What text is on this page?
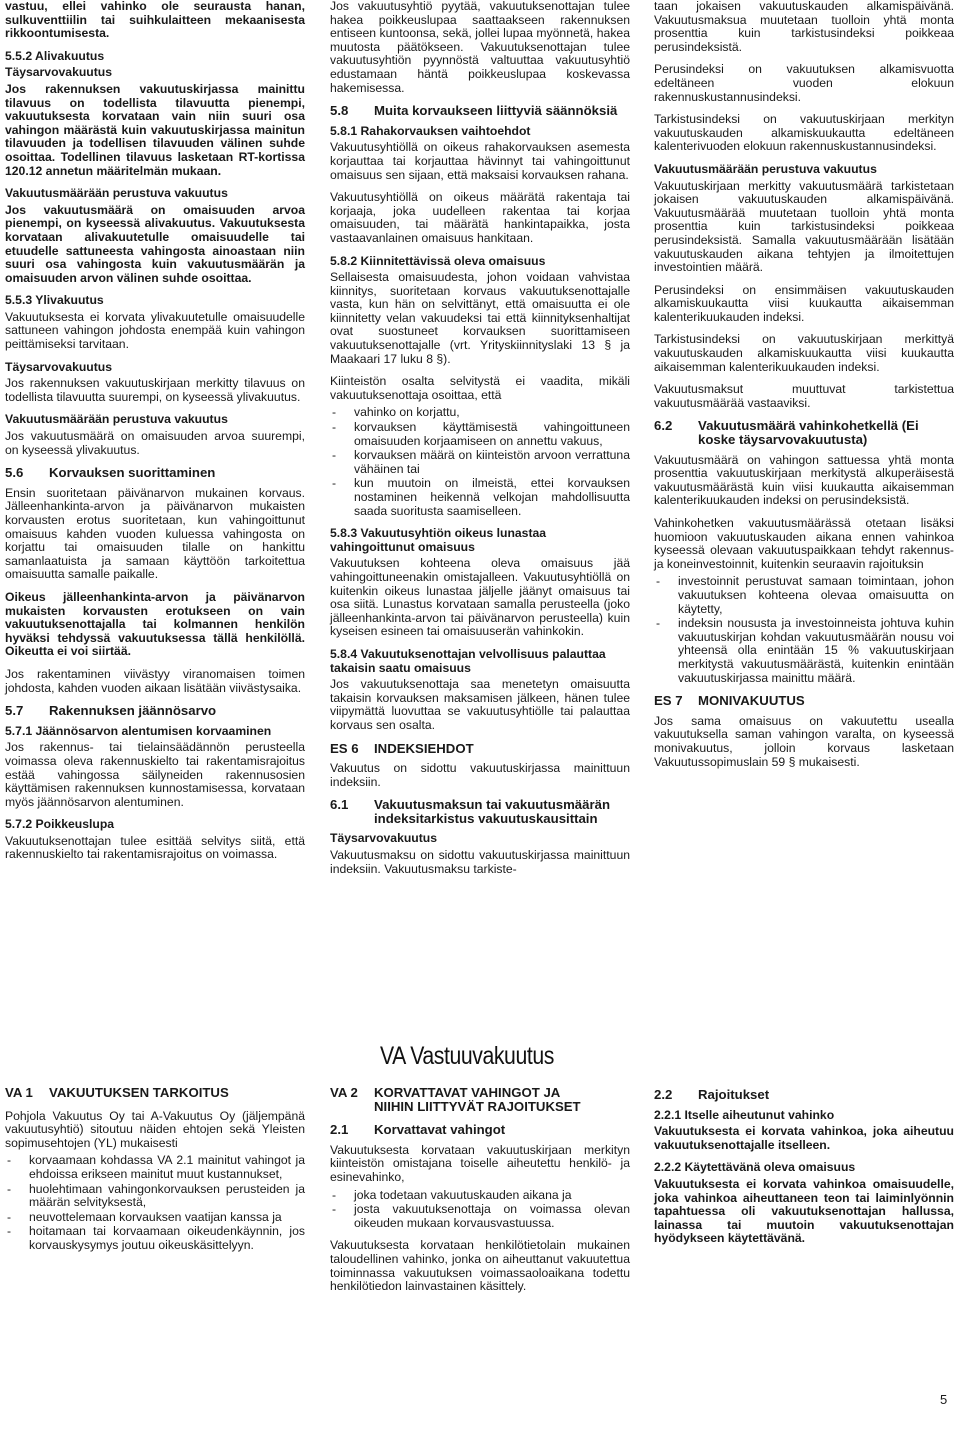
vastuu, ellei vahinko ole seurausta hanan, sulkuventtiilin tai suihkulaitteen mekaanisesta rikkoontumisesta.

5.5.2 Alivakuutus
Täysarvovakuutus

Jos rakennuksen vakuutuskirjassa mainittu tilavuus on todellista tilavuutta pienempi, vakuutuksesta korvataan vain niin suuri osa vahingon määrästä kuin vakuutuskirjassa mainitun tilavuuden ja todellisen tilavuuden välinen suhde osoittaa. Todellinen tilavuus lasketaan RT-kortissa 120.12 annetun määritelmän mukaan.

Vakuutusmäärään perustuva vakuutus

Jos vakuutusmäärä on omaisuuden arvoa pienempi, on kyseessä alivakuutus. Vakuutuksesta korvataan alivakuutetulle omaisuudelle tai etuudelle sattuneesta vahingosta ainoastaan niin suuri osa vahingosta kuin vakuutusmäärän ja omaisuuden arvon välinen suhde osoittaa.

5.5.3 Ylivakuutus

Vakuutuksesta ei korvata ylivakuutetulle omaisuudelle sattuneen vahingon johdosta enempää kuin vahingon peittämiseksi tarvitaan.

Täysarvovakuutus

Jos rakennuksen vakuutuskirjaan merkitty tilavuus on todellista tilavuutta suurempi, on kyseessä ylivakuutus.

Vakuutusmäärään perustuva vakuutus

Jos vakuutusmäärä on omaisuuden arvoa suurempi, on kyseessä ylivakuutus.

5.6	Korvauksen suorittaminen

Ensin suoritetaan päivänarvon mukainen korvaus. Jälleenhankinta-arvon ja päivänarvon mukaisten korvausten erotus suoritetaan, kun vahingoittunut omaisuus kahden vuoden kuluessa vahingosta on korjattu tai omaisuuden tilalle on hankittu samanlaatuista ja samaan käyttöön tarkoitettua omaisuutta samalle paikalle.

Oikeus jälleenhankinta-arvon ja päivänarvon mukaisten korvausten erotukseen on vain vakuutuksenottajalla tai kolmannen henkilön hyväksi tehdyssä vakuutuksessa tällä henkilöllä. Oikeutta ei voi siirtää.

Jos rakentaminen viivästyy viranomaisen toimen johdosta, kahden vuoden aikaan lisätään viivästysaika.

5.7	Rakennuksen jäännösarvo
5.7.1 Jäännösarvon alentumisen korvaaminen

Jos rakennus- tai tielainsäädännön perusteella voimassa oleva rakennuskielto tai rakentamisrajoitus estää vahingossa säilyneiden rakennusosien käyttämisen rakennuksen kunnostamisessa, korvataan myös jäännösarvon alentuminen.

5.7.2 Poikkeuslupa

Vakuutuksenottajan tulee esittää selvitys siitä, että rakennuskielto tai rakentamisrajoitus on voimassa.

Jos vakuutusyhtiö pyytää, vakuutuksenottajan tulee hakea poikkeuslupaa saattaakseen rakennuksen entiseen kuntoonsa, sekä, jollei lupaa myönnetä, hakea muutosta päätökseen. Vakuutuksenottajan tulee vakuutusyhtiön pyynnöstä valtuuttaa vakuutusyhtiö edustamaan häntä poikkeuslupaa koskevassa hakemisessa.

5.8	Muita korvaukseen liittyviä säännöksiä
5.8.1 Rahakorvauksen vaihtoehdot

Vakuutusyhtiöllä on oikeus rahakorvauksen asemesta korjauttaa tai korjauttaa hävinnyt tai vahingoittunut omaisuus sen sijaan, että maksaisi korvauksen rahana.

Vakuutusyhtiöllä on oikeus määrätä rakentaja tai korjaaja, joka uudelleen rakentaa tai korjaa omaisuuden, tai määrätä hankintapaikka, josta vastaavanlainen omaisuus hankitaan.

5.8.2 Kiinnitettävissä oleva omaisuus

Sellaisesta omaisuudesta, johon voidaan vahvistaa kiinnitys, suoritetaan korvaus vakuutuksenottajalle vasta, kun hän on selvittänyt, että omaisuutta ei ole kiinnitetty velan vakuudeksi tai että kiinnityksenhaltijat ovat suostuneet korvauksen suorittamiseen vakuutuksenottajalle (vrt. Yrityskiinnityslaki 13 § ja Maakaari 17 luku 8 §).

Kiinteistön osalta selvitystä ei vaadita, mikäli vakuutuksenottaja osoittaa, että

- vahinko on korjattu,
- korvauksen käyttämisestä vahingoittuneen omaisuuden korjaamiseen on annettu vakuus,
- korvauksen määrä on kiinteistön arvoon verrattuna vähäinen tai
- kun muutoin on ilmeistä, ettei korvauksen nostaminen heikennä velkojan mahdollisuutta saada suoritusta saamiselleen.
5.8.3 Vakuutusyhtiön oikeus lunastaa vahingoittunut omaisuus

Vakuutuksen kohteena oleva omaisuus jää vahingoittuneenakin omistajalleen. Vakuutusyhtiöllä on kuitenkin oikeus lunastaa jäljelle jäänyt omaisuus tai osa siitä. Lunastus korvataan samalla perusteella (joko jälleenhankinta-arvon tai päivänarvon perusteella) kuin kyseisen esineen tai omaisuuserän vahinkokin.

5.8.4 Vakuutuksenottajan velvollisuus palauttaa takaisin saatu omaisuus

Jos vakuutuksenottaja saa menetetyn omaisuutta takaisin korvauksen maksamisen jälkeen, hänen tulee viipymättä luovuttaa se vakuutusyhtiölle tai palauttaa korvaus sen osalta.

ES 6	INDEKSIEHDOT

Vakuutus on sidottu vakuutuskirjassa mainittuun indeksiin.

6.1	Vakuutusmaksun tai vakuutusmäärän indeksitarkistus vakuutuskausittain
Täysarvovakuutus

Vakuutusmaksu on sidottu vakuutuskirjassa mainittuun indeksiin. Vakuutusmaksu tarkiste-

taan jokaisen vakuutuskauden alkamispäivänä. Vakuutusmaksua muutetaan tuolloin yhtä monta prosenttia kuin tarkistusindeksi poikkeaa perusindeksistä.

Perusindeksi on vakuutuksen alkamisvuotta edeltäneen vuoden elokuun rakennuskustannusindeksi.

Tarkistusindeksi on vakuutuskirjaan merkityn vakuutuskauden alkamiskuukautta edeltäneen kalenterivuoden elokuun rakennuskustannusindeksi.

Vakuutusmäärään perustuva vakuutus

Vakuutuskirjaan merkitty vakuutusmäärä tarkistetaan jokaisen vakuutuskauden alkamispäivänä. Vakuutusmäärää muutetaan tuolloin yhtä monta prosenttia kuin tarkistusindeksi poikkeaa perusindeksistä. Samalla vakuutusmäärään lisätään vakuutuskauden aikana tehtyjen ja ilmoitettujen investointien määrä.

Perusindeksi on ensimmäisen vakuutuskauden alkamiskuukautta viisi kuukautta aikaisemman kalenterikuukauden indeksi.

Tarkistusindeksi on vakuutuskirjaan merkittyä vakuutuskauden alkamiskuukautta viisi kuukautta aikaisemman kalenterikuukauden indeksi.

Vakuutusmaksut muuttuvat tarkistettua vakuutusmäärää vastaaviksi.

6.2	Vakuutusmäärä vahinkohetkellä (Ei koske täysarvovakuutusta)

Vakuutusmäärä on vahingon sattuessa yhtä monta prosenttia vakuutuskirjaan merkitystä alkuperäisestä vakuutusmäärästä kuin viisi kuukautta aikaisemman kalenterikuukauden indeksi on perusindeksistä.

Vahinkohetken vakuutusmäärässä otetaan lisäksi huomioon vakuutuskauden aikana ennen vahinkoa kyseessä olevaan vakuutuspaikkaan tehdyt rakennus- ja koneinvestoinnit, kuitenkin seuraavin rajoituksin

- investoinnit perustuvat samaan toimintaan, johon vakuutuksen kohteena olevaa omaisuutta on käytetty,
- indeksin noususta ja investoinneista johtuva kuhin vakuutuskirjan kohdan vakuutusmäärän nousu voi yhteensä olla enintään 15 % vakuutuskirjaan merkitystä vakuutusmäärästä, kuitenkin enintään vakuutuskirjassa mainittu määrä.
ES 7	MONIVAKUUTUS

Jos sama omaisuus on vakuutettu usealla vakuutuksella saman vahingon varalta, on kyseessä monivakuutus, jolloin korvaus lasketaan Vakuutussopimuslain 59 § mukaisesti.

VA Vastuuvakuutus
VA 1	VAKUUTUKSEN TARKOITUS

Pohjola Vakuutus Oy tai A-Vakuutus Oy (jäljempänä vakuutusyhtiö) sitoutuu näiden ehtojen sekä Yleisten sopimusehtojen (YL) mukaisesti

- korvaamaan kohdassa VA 2.1 mainitut vahingot ja ehdoissa erikseen mainitut muut kustannukset,
- huolehtimaan vahingonkorvauksen perusteiden ja määrän selvityksestä,
- neuvottelemaan korvauksen vaatijan kanssa ja
- hoitamaan tai korvaamaan oikeudenkäynnin, jos korvauskysymys joutuu oikeuskäsittelyyn.
VA 2	KORVATTAVAT VAHINGOT JA
NIIHIN LIITTYVÄT RAJOITUKSET
2.1	Korvattavat vahingot

Vakuutuksesta korvataan vakuutuskirjaan merkityn kiinteistön omistajana toiselle aiheutettu henkilö- ja esinevahinko,

- joka todetaan vakuutuskauden aikana ja
- josta vakuutuksenottaja on voimassa olevan oikeuden mukaan korvausvastuussa.

Vakuutuksesta korvataan henkilötietolain mukainen taloudellinen vahinko, jonka on aiheuttanut vakuutettua toiminnassa vakuutuksen voimassaoloaikana todettu henkilötiedon lainvastainen käsittely.

2.2	Rajoitukset
2.2.1 Itselle aiheutunut vahinko

Vakuutuksesta ei korvata vahinkoa, joka aiheutuu vakuutuksenottajalle itselleen.

2.2.2 Käytettävänä oleva omaisuus

Vakuutuksesta ei korvata vahinkoa omaisuudelle, joka vahinkoa aiheuttaneen teon tai laiminlyönnin tapahtuessa oli vakuutuksenottajan hallussa, lainassa tai muutoin vakuutuksenottajan hyödykseen käytettävänä.

5
